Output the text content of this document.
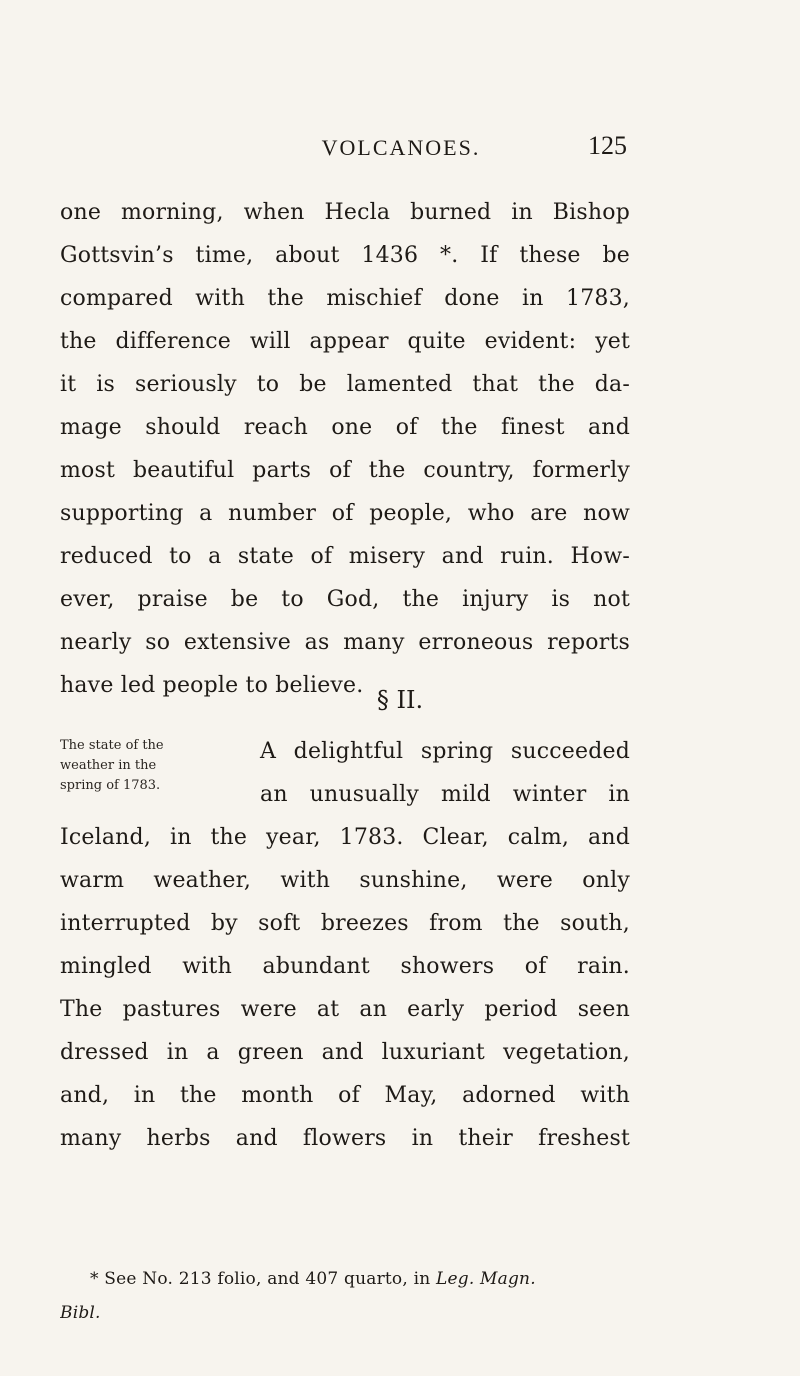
VOLCANOES.	125
one morning, when Hecla burned in Bishop
Gottsvin’s time, about 1436 *. If these be
compared with the mischief done in 1783,
the difference will appear quite evident: yet
it is seriously to be lamented that the da-
mage should reach one of the finest and
most beautiful parts of the country, formerly
supporting a number of people, who are now
reduced to a state of misery and ruin. How-
ever, praise be to God, the injury is not
nearly so extensive as many erroneous reports
have led people to believe.
§ II.
The state of the
weather in the
spring of 1783.
A delightful spring succeeded
an unusually mild winter in
Iceland, in the year, 1783. Clear, calm, and
warm weather, with sunshine, were only
interrupted by soft breezes from the south,
mingled with abundant showers of rain.
The pastures were at an early period seen
dressed in a green and luxuriant vegetation,
and, in the month of May, adorned with
many herbs and flowers in their freshest
* See No. 213 folio, and 407 quarto, in Leg. Magn.
Bibl.
